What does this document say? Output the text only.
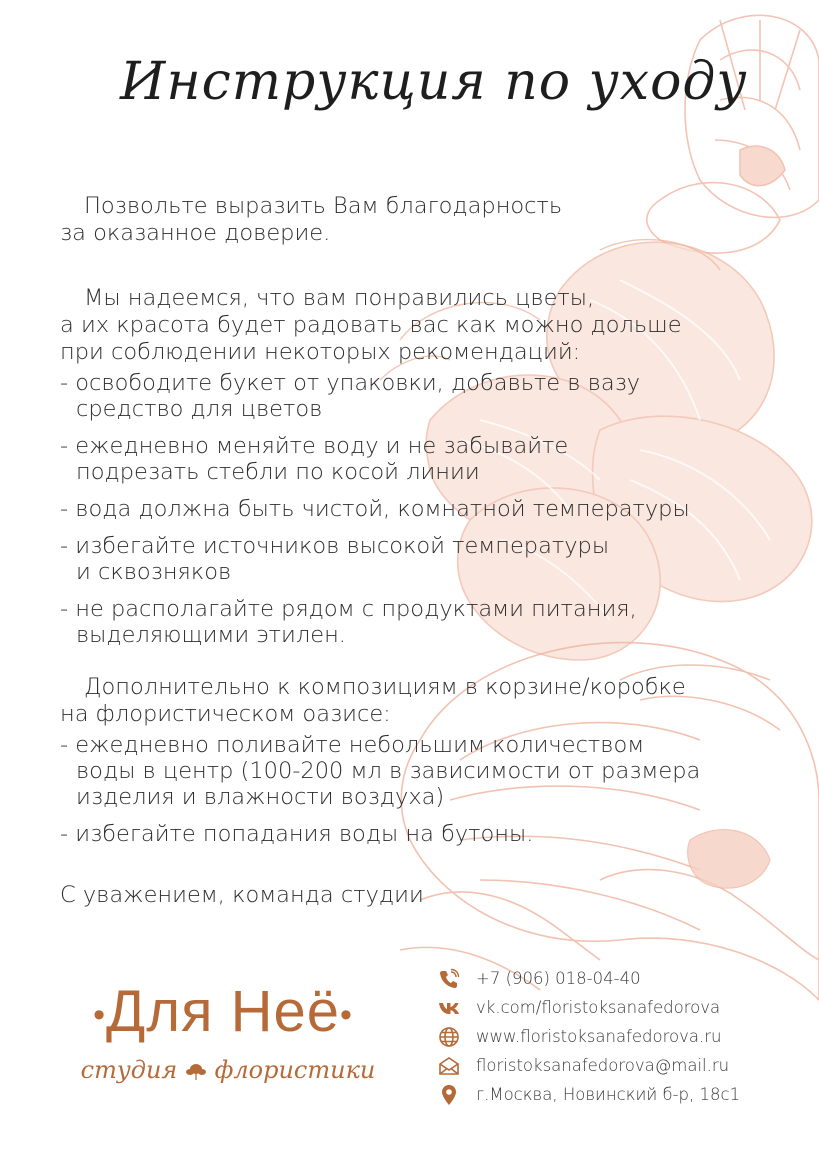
Инструкция по уходу
Позвольте выразить Вам благодарность
за оказанное доверие.
Мы надеемся, что вам понравились цветы,
а их красота будет радовать вас как можно дольше
при соблюдении некоторых рекомендаций:
- освободите букет от упаковки, добавьте в вазу
средство для цветов
- ежедневно меняйте воду и не забывайте
подрезать стебли по косой линии
- вода должна быть чистой, комнатной температуры
- избегайте источников высокой температуры
и сквозняков
- не располагайте рядом с продуктами питания,
выделяющими этилен.
Дополнительно к композициям в корзине/коробке
на флористическом оазисе:
- ежедневно поливайте небольшим количеством
воды в центр (100-200 мл в зависимости от размера
изделия и влажности воздуха)
- избегайте попадания воды на бутоны.
С уважением, команда студии
•Для Неё•
студия флористики
+7 (906) 018-04-40
vk.com/floristoksanafedorova
www.floristoksanafedorova.ru
floristoksanafedorova@mail.ru
г.Москва, Новинский б-р, 18с1
